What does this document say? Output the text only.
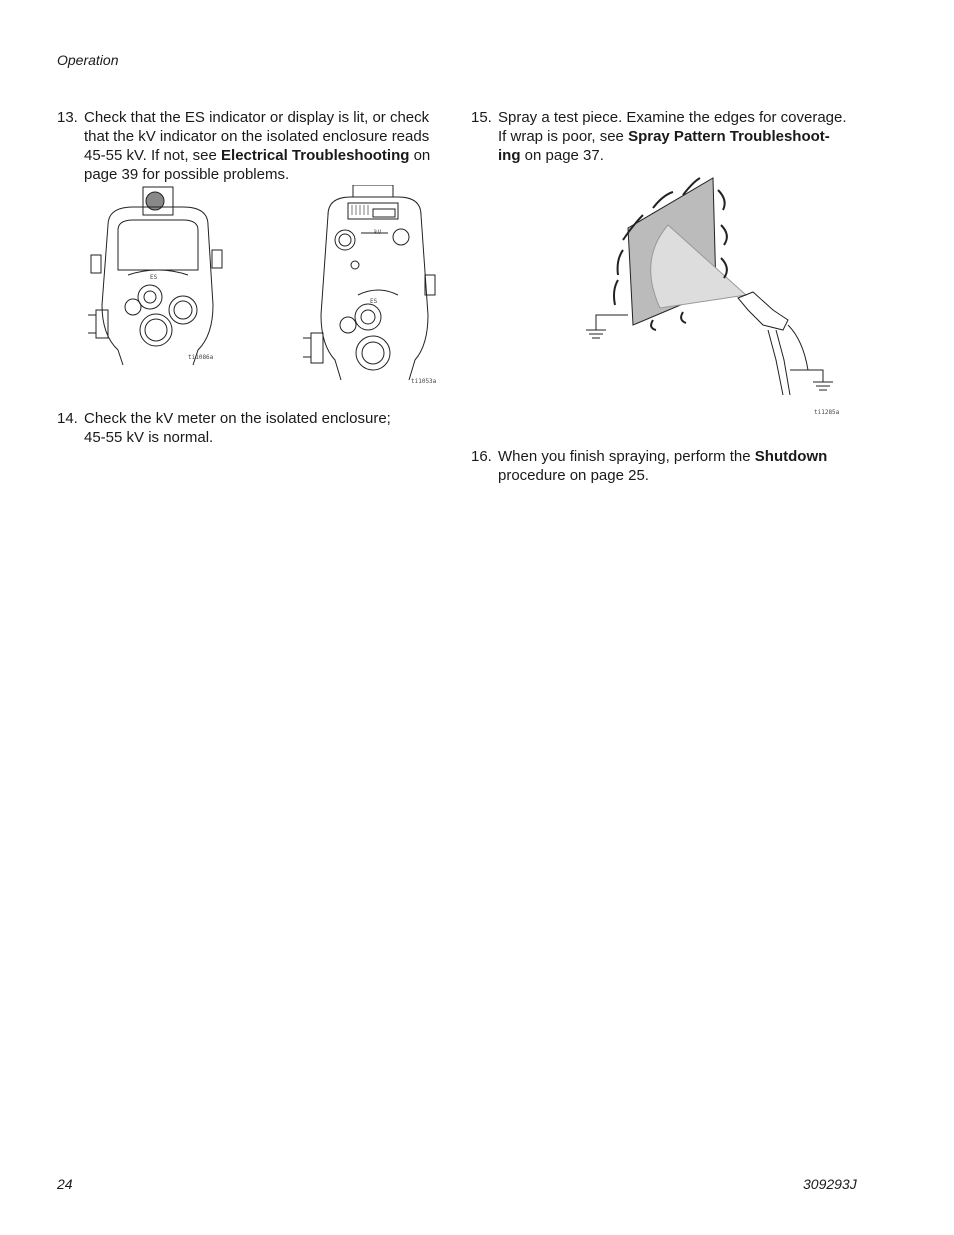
Operation
13. Check that the ES indicator or display is lit, or check
that the kV indicator on the isolated enclosure reads
45-55 kV. If not, see Electrical Troubleshooting on
page 39 for possible problems.
ES
ti1086a
kV
ES
ti1053a
14. Check the kV meter on the isolated enclosure;
45-55 kV is normal.
15. Spray a test piece. Examine the edges for coverage.
If wrap is poor, see Spray Pattern Troubleshoot-
ing on page 37.
ti1285a
16. When you finish spraying, perform the Shutdown
procedure on page 25.
24	309293J
